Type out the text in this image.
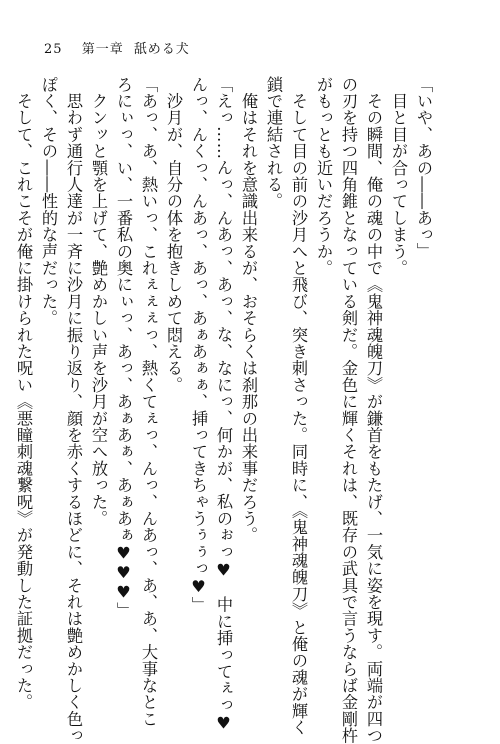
25 第一章 舐める犬
「いや、あの――あっ」
　目と目が合ってしまう。
　その瞬間、俺の魂の中で《鬼神魂魄刀》が鎌首をもたげ、一気に姿を現す。両端が四つ
の刃を持つ四角錐となっている剣だ。金色に輝くそれは、既存の武具で言うならば金剛杵
がもっとも近いだろうか。
　そして目の前の沙月へと飛び、突き刺さった。同時に、《鬼神魂魄刀》と俺の魂が輝く
鎖で連結される。
　俺はそれを意識出来るが、おそらくは刹那の出来事だろう。
「えっ……んっ、んあっ、あっ、な、なにっ、何かが、私のぉっ♥　中に挿ってぇっ♥
んっ、んくっ、んあっ、あっ、あぁあぁぁ、挿ってきちゃうぅぅっ♥」
　沙月が、自分の体を抱きしめて悶える。
「あっ、あ、熱いっ、これぇぇぇっ、熱くてぇっ、んっ、んあっ、あ、あ、大事なとこ
ろにぃっ、い、一番私の奥にぃっ、あっ、あぁあぁ、あぁあぁ♥♥♥」
　クンッと顎を上げて、艶めかしい声を沙月が空へ放った。
　思わず通行人達が一斉に沙月に振り返り、顔を赤くするほどに、それは艶めかしく色っ
ぽく、その――性的な声だった。
　そして、これこそが俺に掛けられた呪い《悪瞳刺魂繋呪》が発動した証拠だった。
